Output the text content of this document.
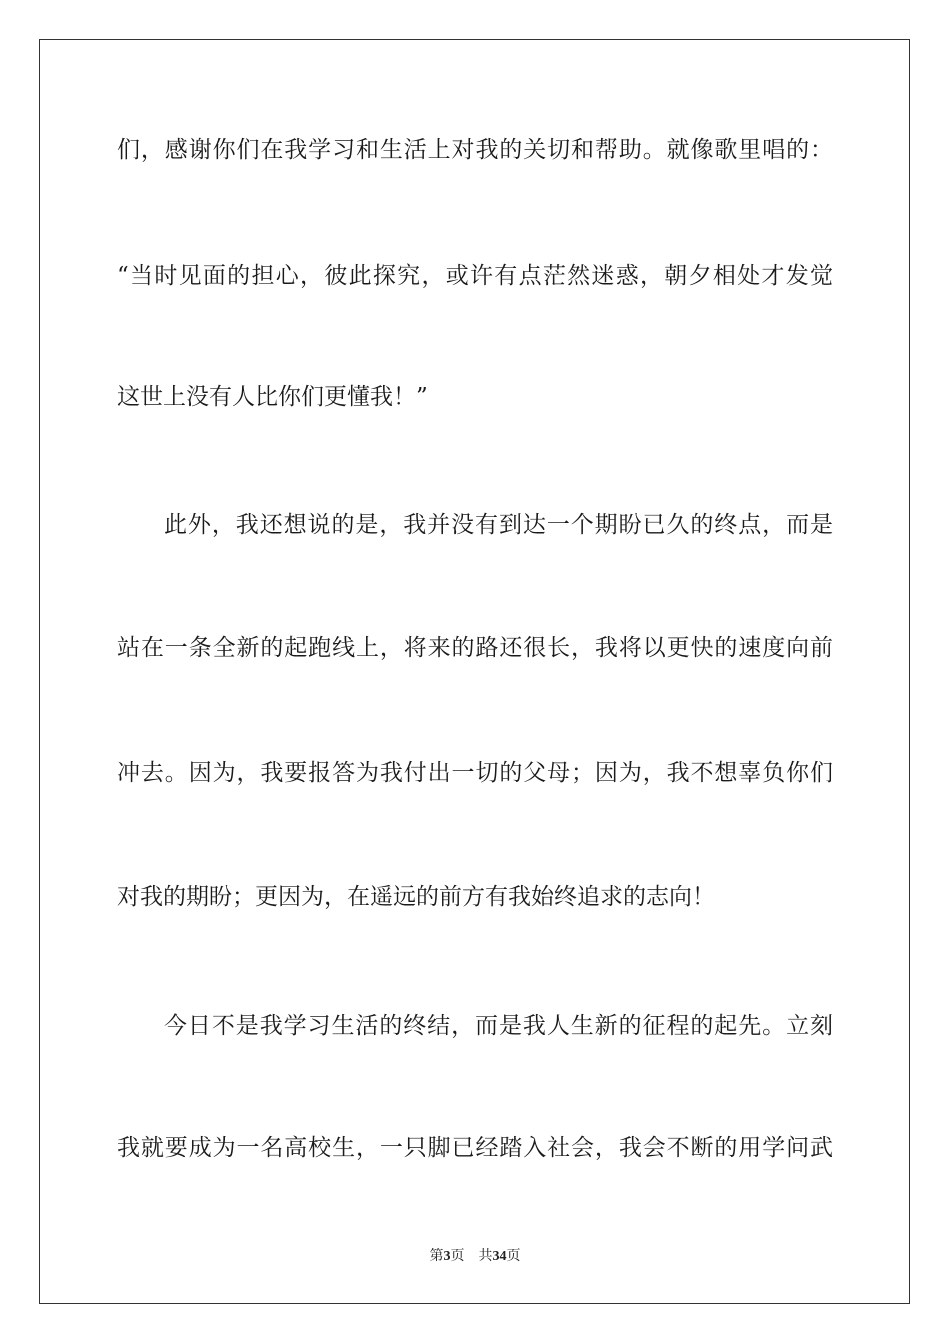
们，感谢你们在我学习和生活上对我的关切和帮助。就像歌里唱的：
“当时见面的担心，彼此探究，或许有点茫然迷惑，朝夕相处才发觉
这世上没有人比你们更懂我！”
此外，我还想说的是，我并没有到达一个期盼已久的终点，而是
站在一条全新的起跑线上，将来的路还很长，我将以更快的速度向前
冲去。因为，我要报答为我付出一切的父母；因为，我不想辜负你们
对我的期盼；更因为，在遥远的前方有我始终追求的志向！
今日不是我学习生活的终结，而是我人生新的征程的起先。立刻
我就要成为一名高校生，一只脚已经踏入社会，我会不断的用学问武
第3页 共34页
